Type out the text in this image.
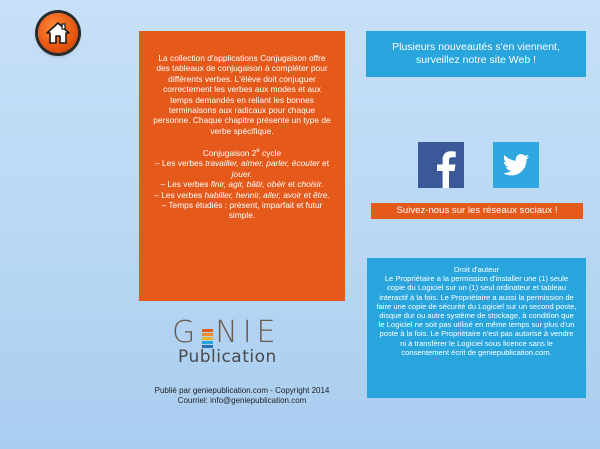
La collection d'applications Conjugaison offre des tableaux de conjugaison à compléter pour différents verbes. L'élève doit conjuguer correctement les verbes aux modes et aux temps demandés en reliant les bonnes terminaisons aux radicaux pour chaque personne. Chaque chapitre présente un type de verbe spécifique.

Conjugaison 2e cycle

– Les verbes travailler, aimer, parler, écouter et jouer.

– Les verbes finir, agir, bâtir, obéir et choisir.

– Les verbes habiller, hennir, aller, avoir et être.

– Temps étudiés : présent, imparfait et futur simple.

G NIE
Publication
Publié par geniepublication.com - Copyright 2014
Courriel: info@geniepublication.com
Plusieurs nouveautés s'en viennent, surveillez notre site Web !
Suivez-nous sur les réseaux sociaux !

Droit d'auteur

Le Propriétaire a la permission d'installer une (1) seule copie du Logiciel sur un (1) seul ordinateur et tableau interactif à la fois. Le Propriétaire a aussi la permission de faire une copie de sécurité du Logiciel sur un second poste, disque dur ou autre système de stockage, à condition que le Logiciel ne soit pas utilisé en même temps sur plus d'un poste à la fois. Le Propriétaire n'est pas autorisé à vendre ni à transférer le Logiciel sous licence sans le consentement écrit de geniepublication.com.
